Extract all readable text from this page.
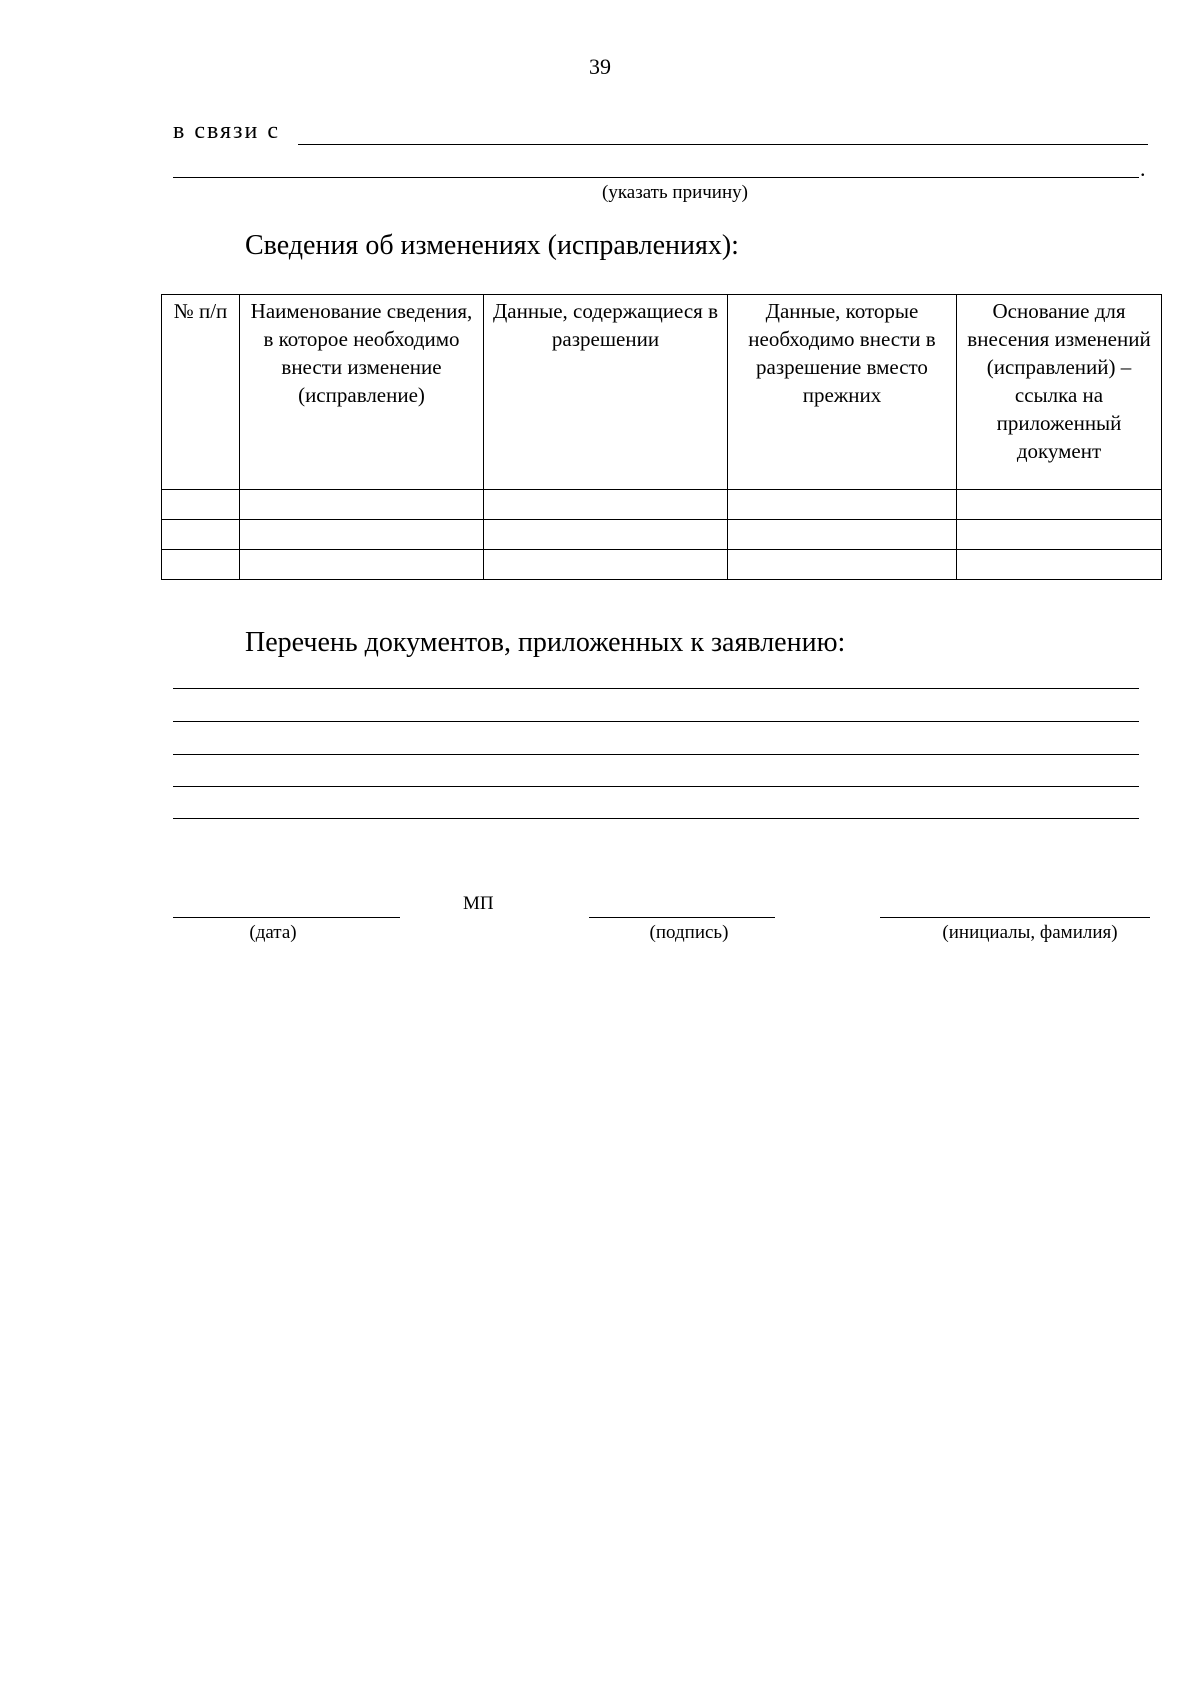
39
в связи с
.
(указать причину)
Сведения об изменениях (исправлениях):
№ п/п	Наименование сведения, в которое необходимо внести изменение (исправление)	Данные, содержащиеся в разрешении	Данные, которые необходимо внести в разрешение вместо прежних	Основание для внесения изменений (исправлений) – ссылка на приложенный документ

Перечень документов, приложенных к заявлению:
(дата)
МП
(подпись)	(инициалы, фамилия)
